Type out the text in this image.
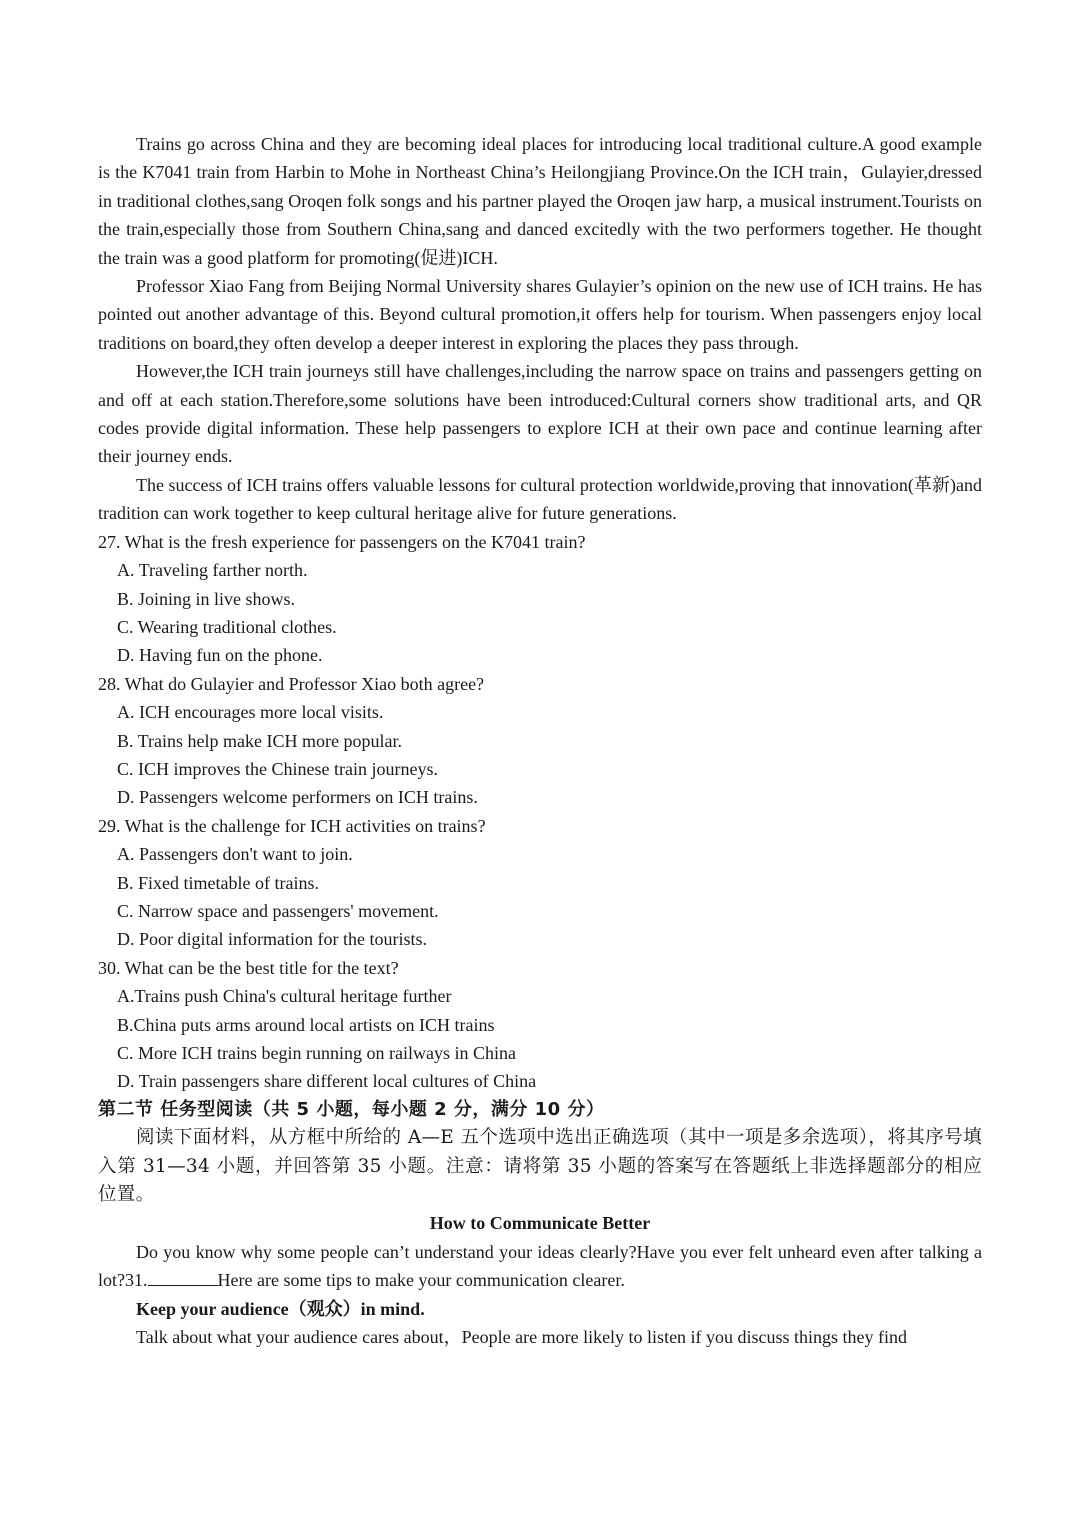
Trains go across China and they are becoming ideal places for introducing local traditional culture.A good example is the K7041 train from Harbin to Mohe in Northeast China’s Heilongjiang Province.On the ICH train，Gulayier,dressed in traditional clothes,sang Oroqen folk songs and his partner played the Oroqen jaw harp, a musical instrument.Tourists on the train,especially those from Southern China,sang and danced excitedly with the two performers together. He thought the train was a good platform for promoting(促进)ICH.

Professor Xiao Fang from Beijing Normal University shares Gulayier’s opinion on the new use of ICH trains. He has pointed out another advantage of this. Beyond cultural promotion,it offers help for tourism. When passengers enjoy local traditions on board,they often develop a deeper interest in exploring the places they pass through.

However,the ICH train journeys still have challenges,including the narrow space on trains and passengers getting on and off at each station.Therefore,some solutions have been introduced:Cultural corners show traditional arts, and QR codes provide digital information. These help passengers to explore ICH at their own pace and continue learning after their journey ends.

The success of ICH trains offers valuable lessons for cultural protection worldwide,proving that innovation(革新)and tradition can work together to keep cultural heritage alive for future generations.

27. What is the fresh experience for passengers on the K7041 train?

A. Traveling farther north.

B. Joining in live shows.

C. Wearing traditional clothes.

D. Having fun on the phone.

28. What do Gulayier and Professor Xiao both agree?

A. ICH encourages more local visits.

B. Trains help make ICH more popular.

C. ICH improves the Chinese train journeys.

D. Passengers welcome performers on ICH trains.

29. What is the challenge for ICH activities on trains?

A. Passengers don't want to join.

B. Fixed timetable of trains.

C. Narrow space and passengers' movement.

D. Poor digital information for the tourists.

30. What can be the best title for the text?

A.Trains push China's cultural heritage further

B.China puts arms around local artists on ICH trains

C. More ICH trains begin running on railways in China

D. Train passengers share different local cultures of China

第二节 任务型阅读（共 5 小题，每小题 2 分，满分 10 分）

阅读下面材料，从方框中所给的 A—E 五个选项中选出正确选项（其中一项是多余选项），将其序号填入第 31—34 小题，并回答第 35 小题。注意：请将第 35 小题的答案写在答题纸上非选择题部分的相应位置。

How to Communicate Better

Do you know why some people can’t understand your ideas clearly?Have you ever felt unheard even after talking a lot?31.	Here are some tips to make your communication clearer.

Keep your audience（观众）in mind.

Talk about what your audience cares about，People are more likely to listen if you discuss things they find
